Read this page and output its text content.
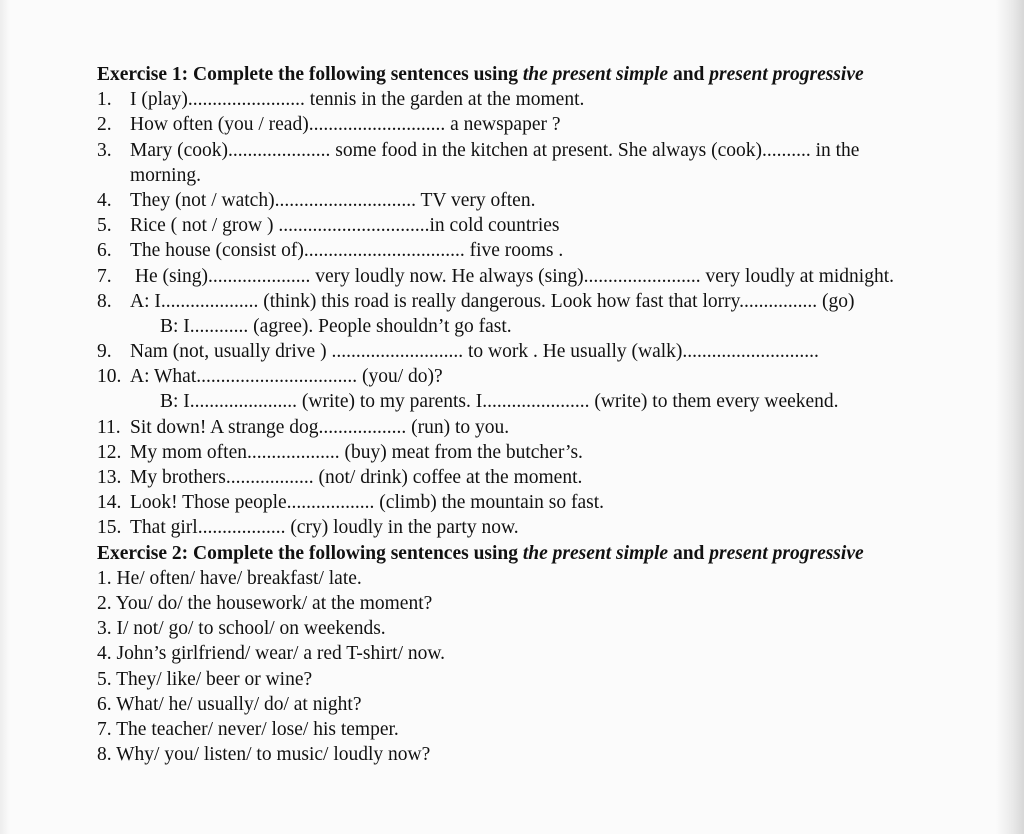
Exercise 1: Complete the following sentences using the present simple and present progressive
1. I (play)........................ tennis in the garden at the moment.
2. How often (you / read)............................ a newspaper ?
3. Mary (cook)..................... some food in the kitchen at present. She always (cook).......... in the
morning.
4. They (not / watch)............................. TV very often.
5. Rice ( not / grow ) ...............................in cold countries
6. The house (consist of)................................. five rooms .
7. He (sing)..................... very loudly now. He always (sing)........................ very loudly at midnight.
8. A: I.................... (think) this road is really dangerous. Look how fast that lorry................ (go)
B: I............ (agree). People shouldn’t go fast.
9. Nam (not, usually drive ) ........................... to work . He usually (walk)............................
10. A: What................................. (you/ do)?
B: I...................... (write) to my parents. I...................... (write) to them every weekend.
11. Sit down! A strange dog.................. (run) to you.
12. My mom often................... (buy) meat from the butcher’s.
13. My brothers.................. (not/ drink) coffee at the moment.
14. Look! Those people.................. (climb) the mountain so fast.
15. That girl.................. (cry) loudly in the party now.
Exercise 2: Complete the following sentences using the present simple and present progressive
1. He/ often/ have/ breakfast/ late.
2. You/ do/ the housework/ at the moment?
3. I/ not/ go/ to school/ on weekends.
4. John’s girlfriend/ wear/ a red T-shirt/ now.
5. They/ like/ beer or wine?
6. What/ he/ usually/ do/ at night?
7. The teacher/ never/ lose/ his temper.
8. Why/ you/ listen/ to music/ loudly now?
